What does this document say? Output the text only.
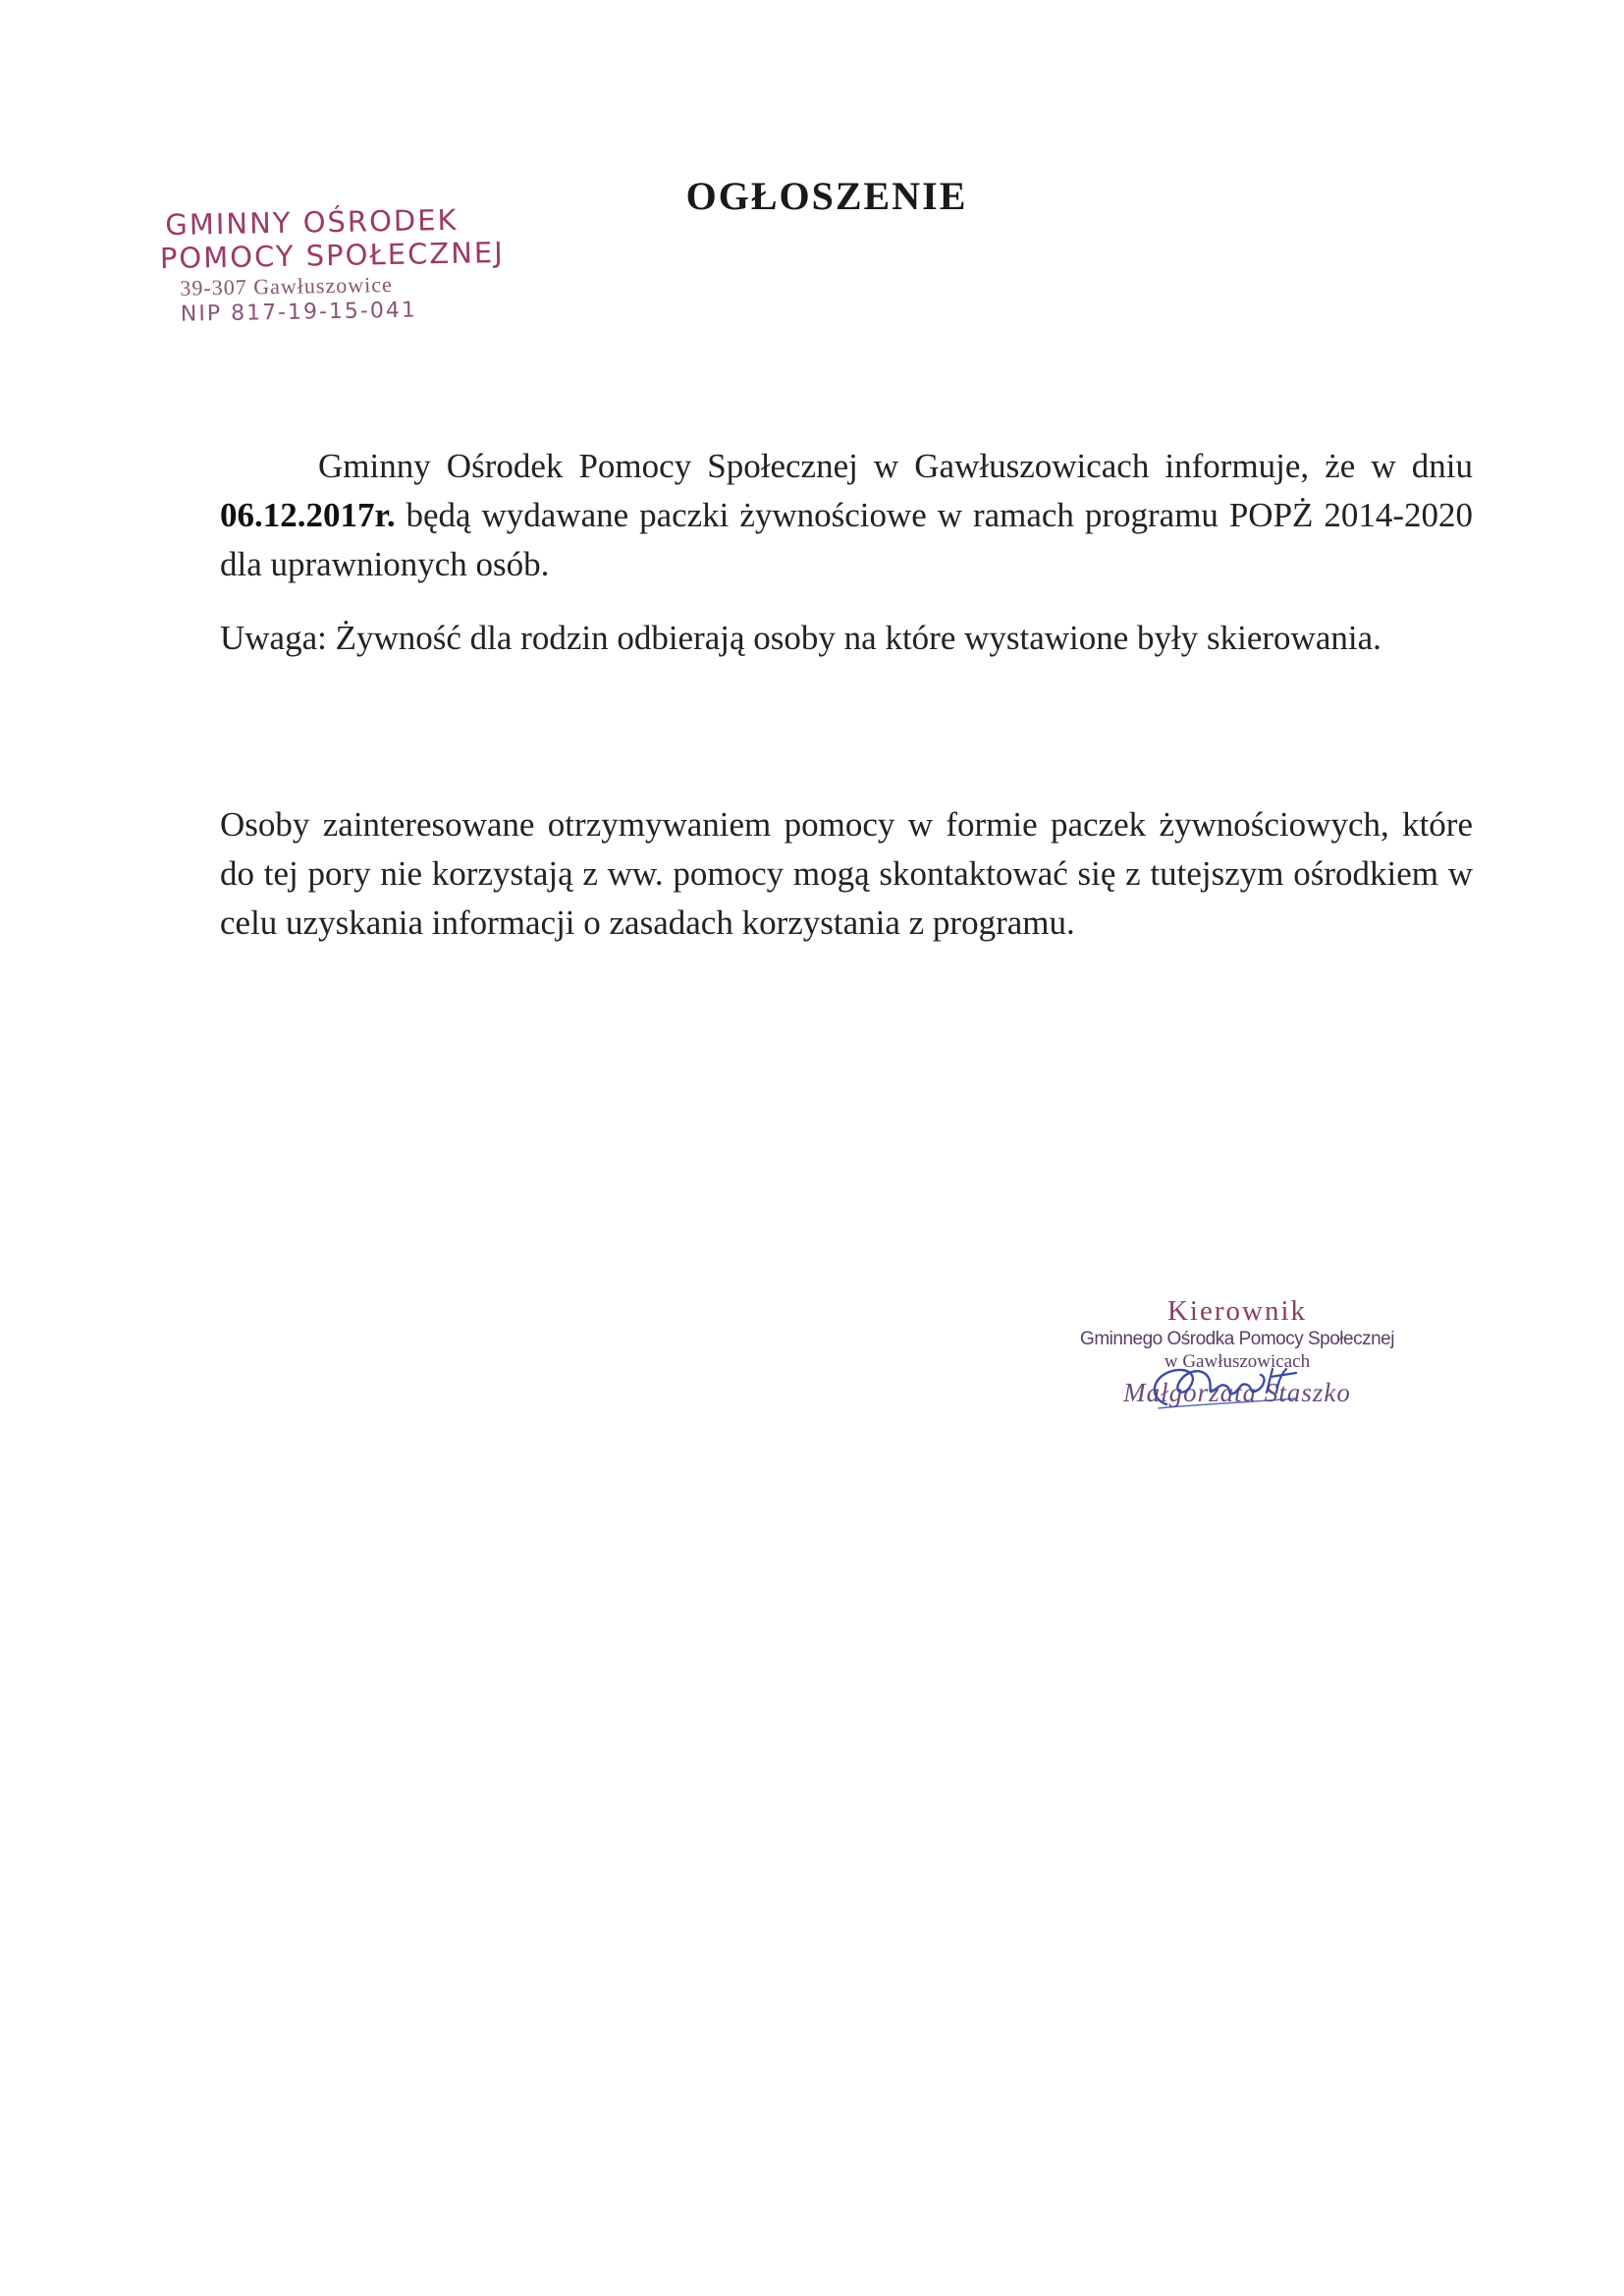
GMINNY OŚRODEK
POMOCY SPOŁECZNEJ
39-307 Gawłuszowice
NIP 817-19-15-041
OGŁOSZENIE
Gminny Ośrodek Pomocy Społecznej w Gawłuszowicach informuje, że w dniu 06.12.2017r. będą wydawane paczki żywnościowe w ramach programu POPŻ 2014-2020 dla uprawnionych osób.
Uwaga: Żywność dla rodzin odbierają osoby na które wystawione były skierowania.
Osoby zainteresowane otrzymywaniem pomocy w formie paczek żywnościowych, które do tej pory nie korzystają z ww. pomocy mogą skontaktować się z tutejszym ośrodkiem w celu uzyskania informacji o zasadach korzystania z programu.
Kierownik
Gminnego Ośrodka Pomocy Społecznej
w Gawłuszowicach
Małgorzata Staszko
